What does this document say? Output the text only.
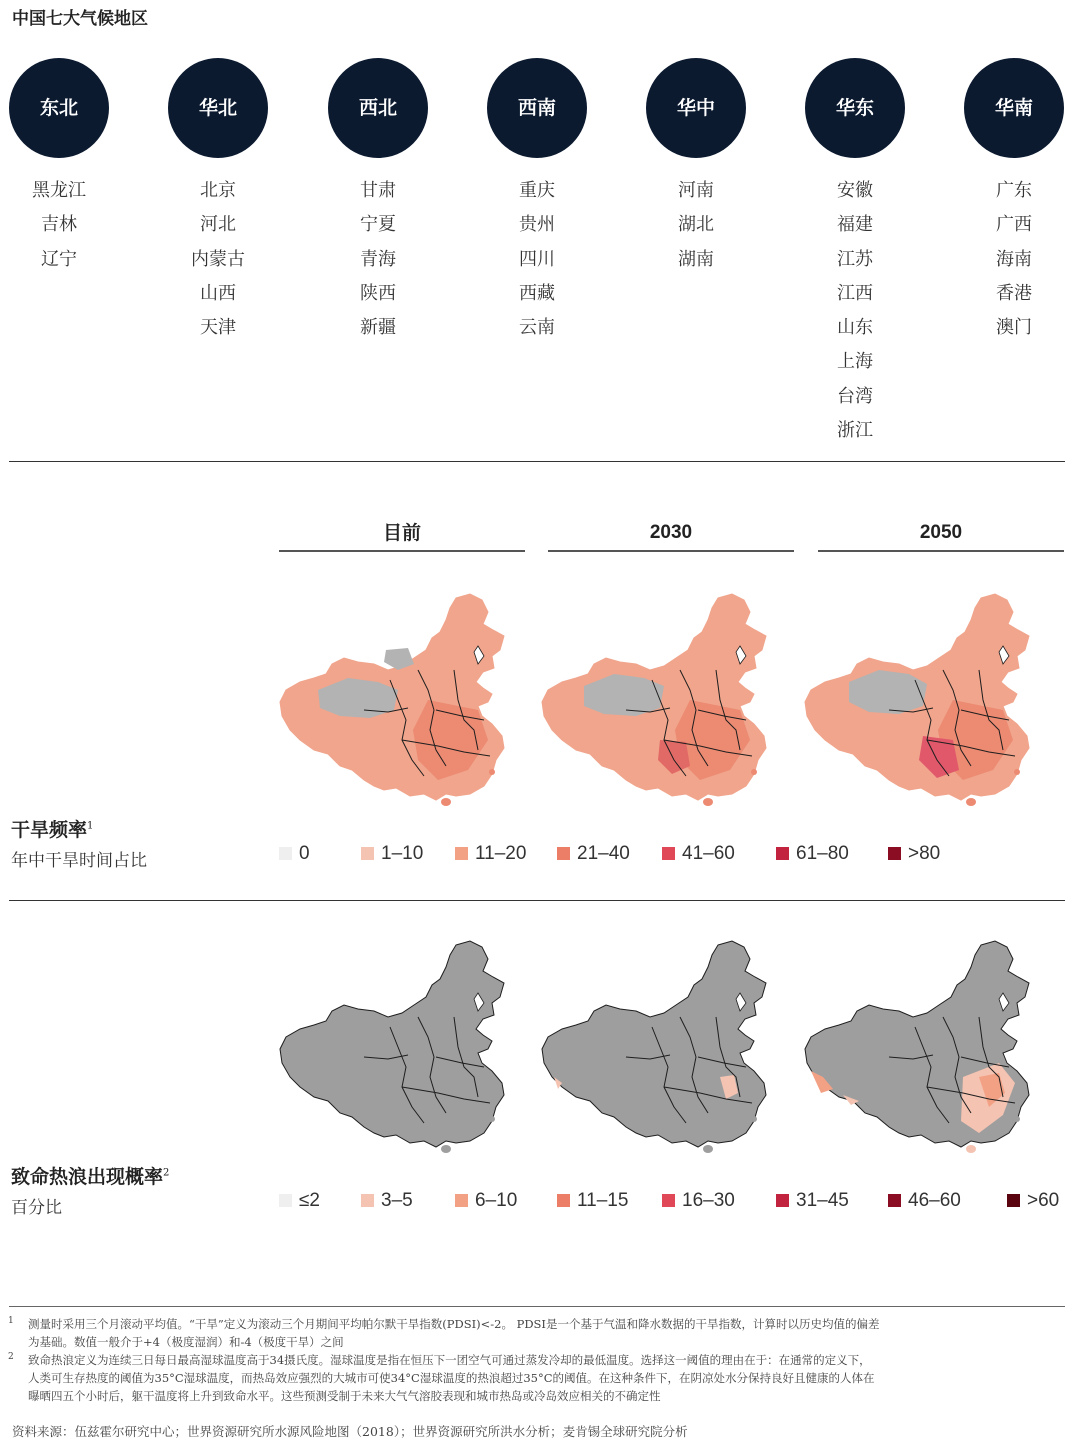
中国七大气候地区
东北
黑龙江
吉林
辽宁
华北
北京
河北
内蒙古
山西
天津
西北
甘肃
宁夏
青海
陕西
新疆
西南
重庆
贵州
四川
西藏
云南
华中
河南
湖北
湖南
华东
安徽
福建
江苏
江西
山东
上海
台湾
浙江
华南
广东
广西
海南
香港
澳门
目前	2030	2050
干旱频率$^1$
年中干旱时间占比	0	1–10	11–20	21–40	41–60	61–80	>80
致命热浪出现概率$^2$
百分比	≤2	3–5	6–10	11–15	16–30	31–45	46–60	>60
1 测量时采用三个月滚动平均值。“干旱”定义为滚动三个月期间平均帕尔默干旱指数(PDSI)<-2。 PDSI是一个基于气温和降水数据的干旱指数，计算时以历史均值的偏差
为基础。数值一般介于+4（极度湿润）和-4（极度干旱）之间
2 致命热浪定义为连续三日每日最高湿球温度高于34摄氏度。湿球温度是指在恒压下一团空气可通过蒸发冷却的最低温度。选择这一阈值的理由在于：在通常的定义下，
人类可生存热度的阈值为35°C湿球温度，而热岛效应强烈的大城市可使34°C湿球温度的热浪超过35°C的阈值。在这种条件下，在阴凉处水分保持良好且健康的人体在
曝晒四五个小时后，躯干温度将上升到致命水平。这些预测受制于未来大气气溶胶表现和城市热岛或冷岛效应相关的不确定性
资料来源：伍兹霍尔研究中心；世界资源研究所水源风险地图（2018）；世界资源研究所洪水分析；麦肯锡全球研究院分析
